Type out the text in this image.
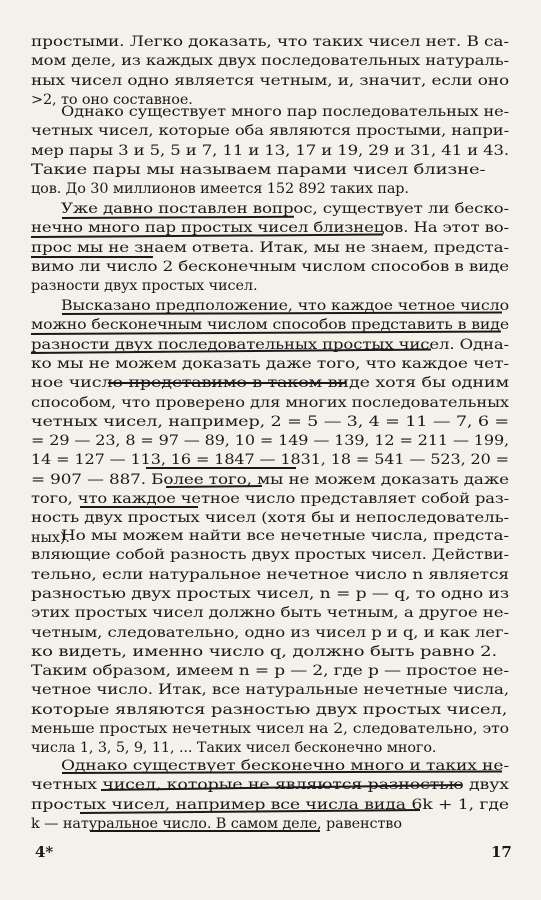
простыми. Легко доказать, что таких чисел нет. В са-
мом деле, из каждых двух последовательных натураль-
ных чисел одно является четным, и, значит, если оно
>2, то оно составное.
Однако существует много пар последовательных не-
четных чисел, которые оба являются простыми, напри-
мер пары 3 и 5, 5 и 7, 11 и 13, 17 и 19, 29 и 31, 41 и 43.
Такие пары мы называем парами чисел близне-
цов. До 30 миллионов имеется 152 892 таких пар.
Уже давно поставлен вопрос, существует ли беско-
нечно много пар простых чисел близнецов. На этот во-
прос мы не знаем ответа. Итак, мы не знаем, предста-
вимо ли число 2 бесконечным числом способов в виде
разности двух простых чисел.
Высказано предположение, что каждое четное число
можно бесконечным числом способов представить в виде
разности двух последовательных простых чисел. Одна-
ко мы не можем доказать даже того, что каждое чет-
ное число представимо в таком виде хотя бы одним
способом, что проверено для многих последовательных
четных чисел, например, 2 = 5 — 3, 4 = 11 — 7, 6 =
= 29 — 23, 8 = 97 — 89, 10 = 149 — 139, 12 = 211 — 199,
14 = 127 — 113, 16 = 1847 — 1831, 18 = 541 — 523, 20 =
= 907 — 887. Более того, мы не можем доказать даже
того, что каждое четное число представляет собой раз-
ность двух простых чисел (хотя бы и непоследователь-
ных).
Но мы можем найти все нечетные числа, предста-
вляющие собой разность двух простых чисел. Действи-
тельно, если натуральное нечетное число n является
разностью двух простых чисел, n = p — q, то одно из
этих простых чисел должно быть четным, а другое не-
четным, следовательно, одно из чисел p и q, и как лег-
ко видеть, именно число q, должно быть равно 2.
Таким образом, имеем n = p — 2, где p — простое не-
четное число. Итак, все натуральные нечетные числа,
которые являются разностью двух простых чисел,
меньше простых нечетных чисел на 2, следовательно, это
числа 1, 3, 5, 9, 11, ... Таких чисел бесконечно много.
Однако существует бесконечно много и таких не-
четных чисел, которые не являются разностью двух
простых чисел, например все числа вида 6k + 1, где
k — натуральное число. В самом деле, равенство
4*	17
